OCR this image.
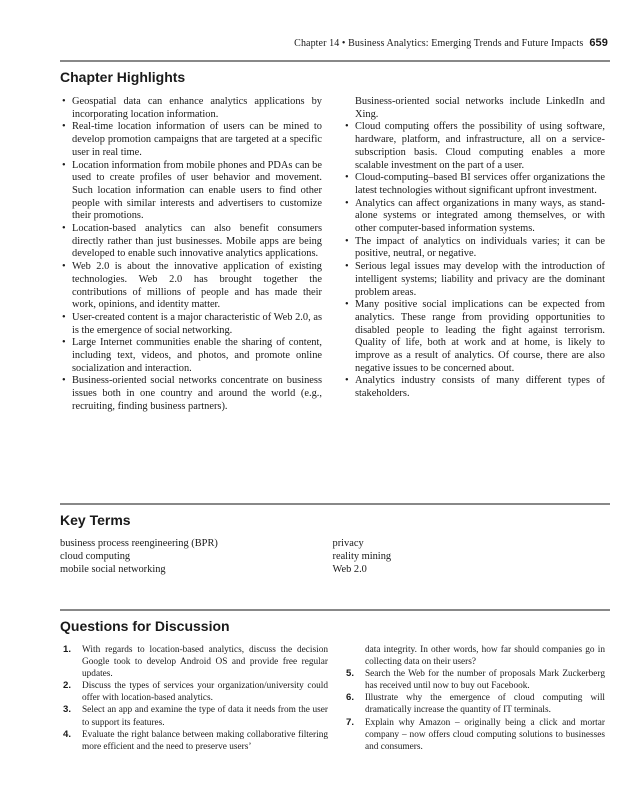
Chapter 14 • Business Analytics: Emerging Trends and Future Impacts 659
Chapter Highlights
• Geospatial data can enhance analytics applications by incorporating location information.
• Real-time location information of users can be mined to develop promotion campaigns that are targeted at a specific user in real time.
• Location information from mobile phones and PDAs can be used to create profiles of user behavior and movement. Such location information can enable users to find other people with similar interests and advertisers to customize their promotions.
• Location-based analytics can also benefit consumers directly rather than just businesses. Mobile apps are being developed to enable such innovative analytics applications.
• Web 2.0 is about the innovative application of existing technologies. Web 2.0 has brought together the contributions of millions of people and has made their work, opinions, and identity matter.
• User-created content is a major characteristic of Web 2.0, as is the emergence of social networking.
• Large Internet communities enable the sharing of content, including text, videos, and photos, and promote online socialization and interaction.
• Business-oriented social networks concentrate on business issues both in one country and around the world (e.g., recruiting, finding business partners).
Business-oriented social networks include LinkedIn and Xing.
• Cloud computing offers the possibility of using software, hardware, platform, and infrastructure, all on a service-subscription basis. Cloud computing enables a more scalable investment on the part of a user.
• Cloud-computing–based BI services offer organizations the latest technologies without significant upfront investment.
• Analytics can affect organizations in many ways, as stand-alone systems or integrated among themselves, or with other computer-based information systems.
• The impact of analytics on individuals varies; it can be positive, neutral, or negative.
• Serious legal issues may develop with the introduction of intelligent systems; liability and privacy are the dominant problem areas.
• Many positive social implications can be expected from analytics. These range from providing opportunities to disabled people to leading the fight against terrorism. Quality of life, both at work and at home, is likely to improve as a result of analytics. Of course, there are also negative issues to be concerned about.
• Analytics industry consists of many different types of stakeholders.
Key Terms
business process reengineering (BPR)
cloud computing
mobile social networking
privacy
reality mining
Web 2.0
Questions for Discussion
1. With regards to location-based analytics, discuss the decision Google took to develop Android OS and provide free regular updates.
2. Discuss the types of services your organization/university could offer with location-based analytics.
3. Select an app and examine the type of data it needs from the user to support its features.
4. Evaluate the right balance between making collaborative filtering more efficient and the need to preserve users’
data integrity. In other words, how far should companies go in collecting data on their users?
5. Search the Web for the number of proposals Mark Zuckerberg has received until now to buy out Facebook.
6. Illustrate why the emergence of cloud computing will dramatically increase the quantity of IT terminals.
7. Explain why Amazon – originally being a click and mortar company – now offers cloud computing solutions to businesses and consumers.
